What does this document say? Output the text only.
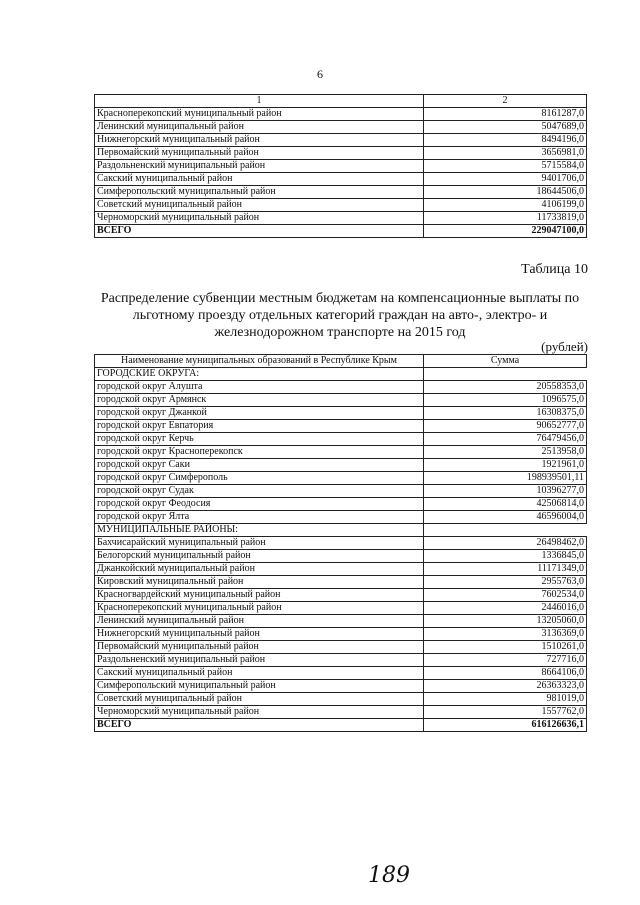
6
1	2
Красноперекопский муниципальный район	8161287,0
Ленинский муниципальный район	5047689,0
Нижнегорский муниципальный район	8494196,0
Первомайский муниципальный район	3656981,0
Раздольненский муниципальный район	5715584,0
Сакский муниципальный район	9401706,0
Симферопольский муниципальный район	18644506,0
Советский муниципальный район	4106199,0
Черноморский муниципальный район	11733819,0
ВСЕГО	229047100,0
Таблица 10
Распределение субвенции местным бюджетам на компенсационные выплаты по льготному проезду отдельных категорий граждан на авто-, электро- и железнодорожном транспорте на 2015 год
(рублей)
Наименование муниципальных образований в Республике Крым	Сумма
ГОРОДСКИЕ ОКРУГА:	
городской округ Алушта	20558353,0
городской округ Армянск	1096575,0
городской округ Джанкой	16308375,0
городской округ Евпатория	90652777,0
городской округ Керчь	76479456,0
городской округ Красноперекопск	2513958,0
городской округ Саки	1921961,0
городской округ Симферополь	198939501,11
городской округ Судак	10396277,0
городской округ Феодосия	42506814,0
городской округ Ялта	46596004,0
МУНИЦИПАЛЬНЫЕ РАЙОНЫ:	
Бахчисарайский муниципальный район	26498462,0
Белогорский муниципальный район	1336845,0
Джанкойский муниципальный район	11171349,0
Кировский муниципальный район	2955763,0
Красногвардейский муниципальный район	7602534,0
Красноперекопский муниципальный район	2446016,0
Ленинский муниципальный район	13205060,0
Нижнегорский муниципальный район	3136369,0
Первомайский муниципальный район	1510261,0
Раздольненский муниципальный район	727716,0
Сакский муниципальный район	8664106,0
Симферопольский муниципальный район	26363323,0
Советский муниципальный район	981019,0
Черноморский муниципальный район	1557762,0
ВСЕГО	616126636,1
189
